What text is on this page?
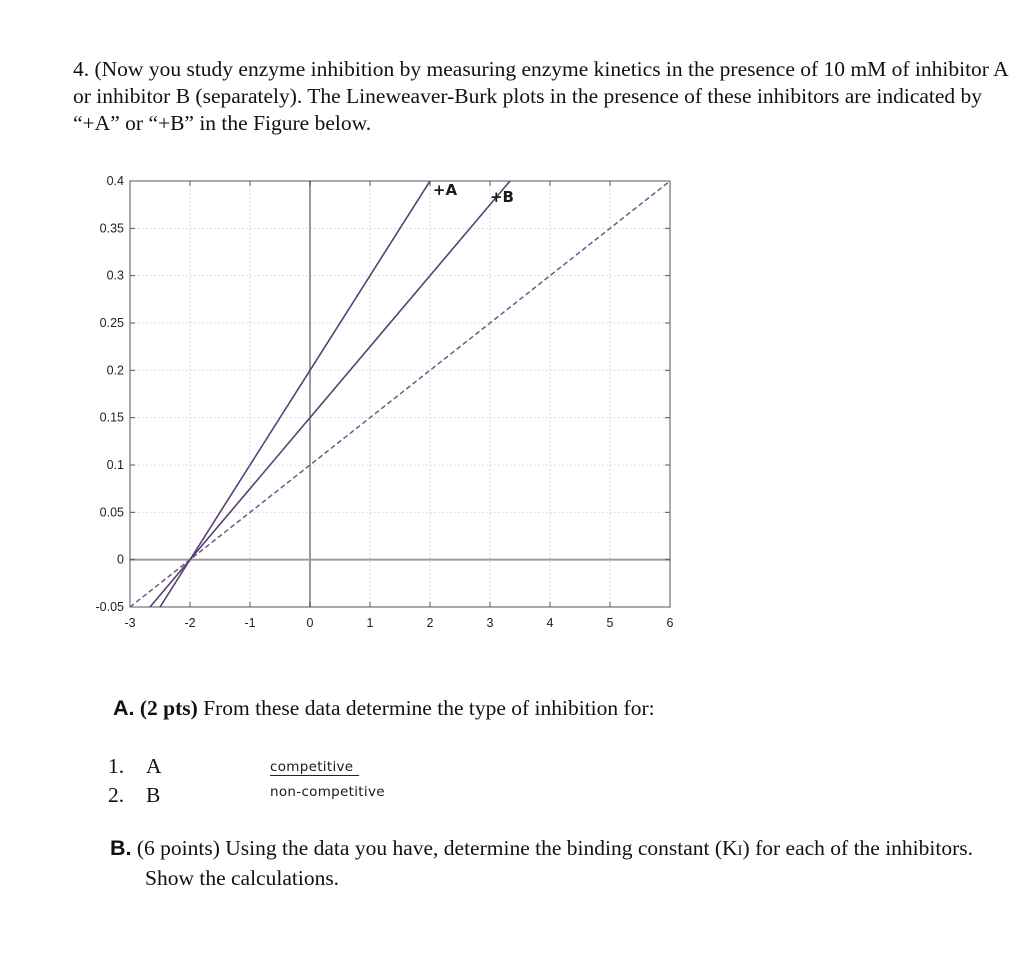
4. (Now you study enzyme inhibition by measuring enzyme kinetics in the presence of 10 mM of inhibitor A or inhibitor B (separately). The Lineweaver-Burk plots in the presence of these inhibitors are indicated by “+A” or “+B” in the Figure below.
-3	-2	-1	0	1	2	3	4	5	6
0.4
0.35
0.3
0.25
0.2
0.15
0.1
0.05
0
-0.05
+A +B
A. (2 pts) From these data determine the type of inhibition for:
1. A	competitive
2. B	non-competitive
B. (6 points) Using the data you have, determine the binding constant (KI) for each of the inhibitors. Show the calculations.
